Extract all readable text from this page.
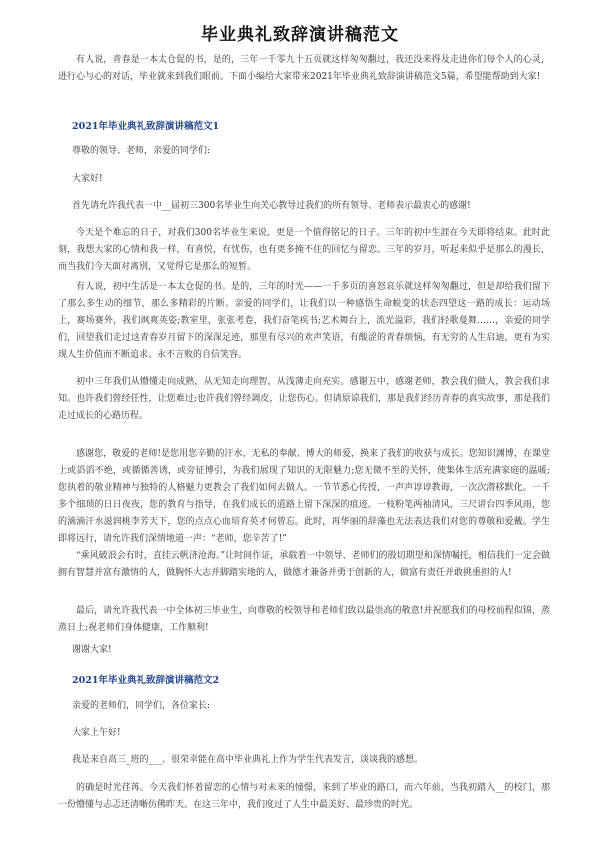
毕业典礼致辞演讲稿范文
有人说，青春是一本太仓促的书，是的，三年一千零九十五页就这样匆匆翻过，我还没来得及走进你们每个人的心灵，进行心与心的对话，毕业就来到我们眼前。下面小编给大家带来2021年毕业典礼致辞演讲稿范文5篇，希望能帮助到大家!
2021年毕业典礼致辞演讲稿范文1
尊敬的领导、老师，亲爱的同学们:
大家好!
首先请允许我代表一中__届初三300名毕业生向关心教导过我们的所有领导、老师表示最衷心的感谢!
今天是个难忘的日子，对我们300名毕业生来说，更是一个值得铭记的日子。三年的初中生涯在今天即将结束。此时此刻，我想大家的心情和我一样，有喜悦，有忧伤，也有更多掩不住的回忆与留恋。三年的岁月，听起来似乎是那么的漫长，而当我们今天面对离别，又觉得它是那么的短暂。
有人说，初中生活是一本太仓促的书。是的，三年的时光——一千多页的喜怒哀乐就这样匆匆翻过，但是却给我们留下了那么多生动的细节，那么多精彩的片断。亲爱的同学们，让我们以一种感悟生命蜕变的状态四望这一路的成长：运动场上，赛场赛外，我们飒爽英姿;教室里，张张考卷，我们奋笔疾书;艺术舞台上，流光溢彩，我们轻歌曼舞……，亲爱的同学们，回望我们走过这青春岁月留下的深深足迹，那里有尽兴的欢声笑语，有酸涩的青春烦恼，有无穷的人生启迪，更有为实现人生价值而不断追求、永不言败的自信笑容。
初中三年我们从懵懂走向成熟，从无知走向理智，从浅薄走向充实。感谢五中，感谢老师，教会我们做人，教会我们求知。也许我们曾经任性，让您难过;也许我们曾经调皮，让您伤心。但请原谅我们，那是我们经历青春的真实故事，那是我们走过成长的心路历程。
感谢您，敬爱的老师!是您用您辛勤的汗水、无私的奉献、博大的师爱，换来了我们的收获与成长。您知识渊博，在课堂上或滔滔不绝，或循循善诱，或旁征博引，为我们展现了知识的无限魅力;您无微不至的关怀，使集体生活充满家庭的温暖;您执着的敬业精神与独特的人格魅力更教会了我们如何去做人。一节节悉心传授，一声声谆谆教诲，一次次潜移默化。一千多个细琐的日日夜夜，您的教育与指导，在我们成长的道路上留下深深的痕迹。一枝粉笔两袖清风，三尺讲台四季风雨，您的滴滴汗水滋润桃李芳天下，您的点点心血培育英才何曾忘。此时，再华丽的辞藻也无法表达我们对您的尊敬和爱戴。学生即将远行，请允许我们深情地道一声：“老师，您辛苦了!”
“乘风破浪会有时，直挂云帆济沧海。”让时间作证，承载着一中领导、老师们的殷切期望和深情嘱托，相信我们一定会做拥有智慧并富有激情的人，做胸怀大志并脚踏实地的人，做德才兼备并勇于创新的人，做富有责任并敢挑重担的人!
最后，请允许我代表一中全体初三毕业生，向尊敬的校领导和老师们致以最崇高的敬意!并祝愿我们的母校前程似锦，蒸蒸日上;祝老师们身体健康，工作顺利!
谢谢大家!
2021年毕业典礼致辞演讲稿范文2
亲爱的老师们，同学们，各位家长:
大家上午好!
我是来自高三_班的___。很荣幸能在高中毕业典礼上作为学生代表发言，谈谈我的感想。
的确是时光荏苒。今天我们怀着留恋的心情与对未来的憧憬，来到了毕业的路口，而六年前，当我初踏入__的校门，那一份懵懂与忐忑还清晰仿佛昨天。在这三年中，我们度过了人生中最美好、最珍贵的时光。
